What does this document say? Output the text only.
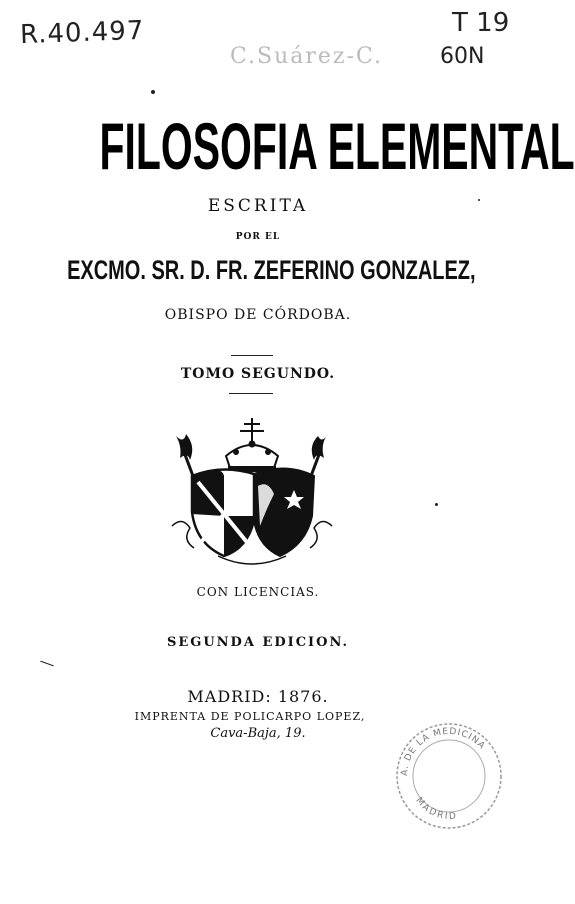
R.40.497	T 19
60N
C.Suárez-C.
FILOSOFIA ELEMENTAL
ESCRITA
POR EL
EXCMO. SR. D. FR. ZEFERINO GONZALEZ,
OBISPO DE CÓRDOBA.
TOMO SEGUNDO.
CON LICENCIAS.
SEGUNDA EDICION.
MADRID: 1876.
IMPRENTA DE POLICARPO LOPEZ,
Cava-Baja, 19.
A. DE LA MEDICINA
MADRID
